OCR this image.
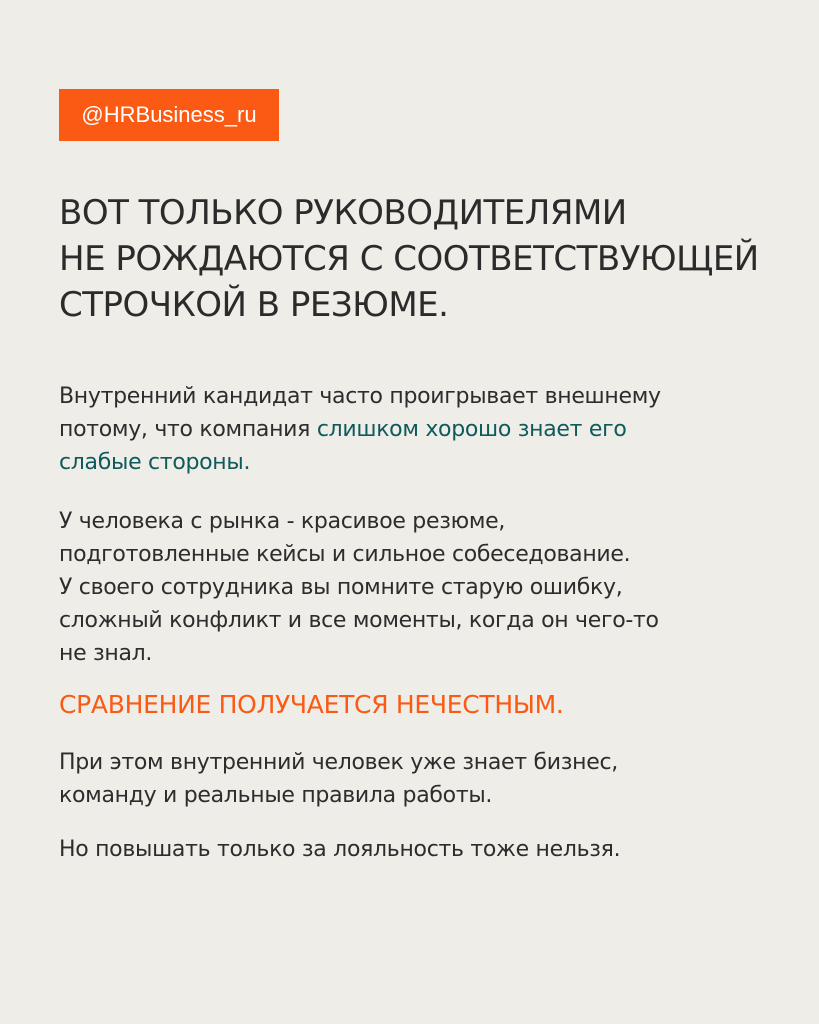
@HRBusiness_ru
ВОТ ТОЛЬКО РУКОВОДИТЕЛЯМИ
НЕ РОЖДАЮТСЯ С СООТВЕТСТВУЮЩЕЙ
СТРОЧКОЙ В РЕЗЮМЕ.

Внутренний кандидат часто проигрывает внешнему
потому, что компания слишком хорошо знает его
слабые стороны.

У человека с рынка - красивое резюме,
подготовленные кейсы и сильное собеседование.
У своего сотрудника вы помните старую ошибку,
сложный конфликт и все моменты, когда он чего-то
не знал.

СРАВНЕНИЕ ПОЛУЧАЕТСЯ НЕЧЕСТНЫМ.

При этом внутренний человек уже знает бизнес,
команду и реальные правила работы.

Но повышать только за лояльность тоже нельзя.
